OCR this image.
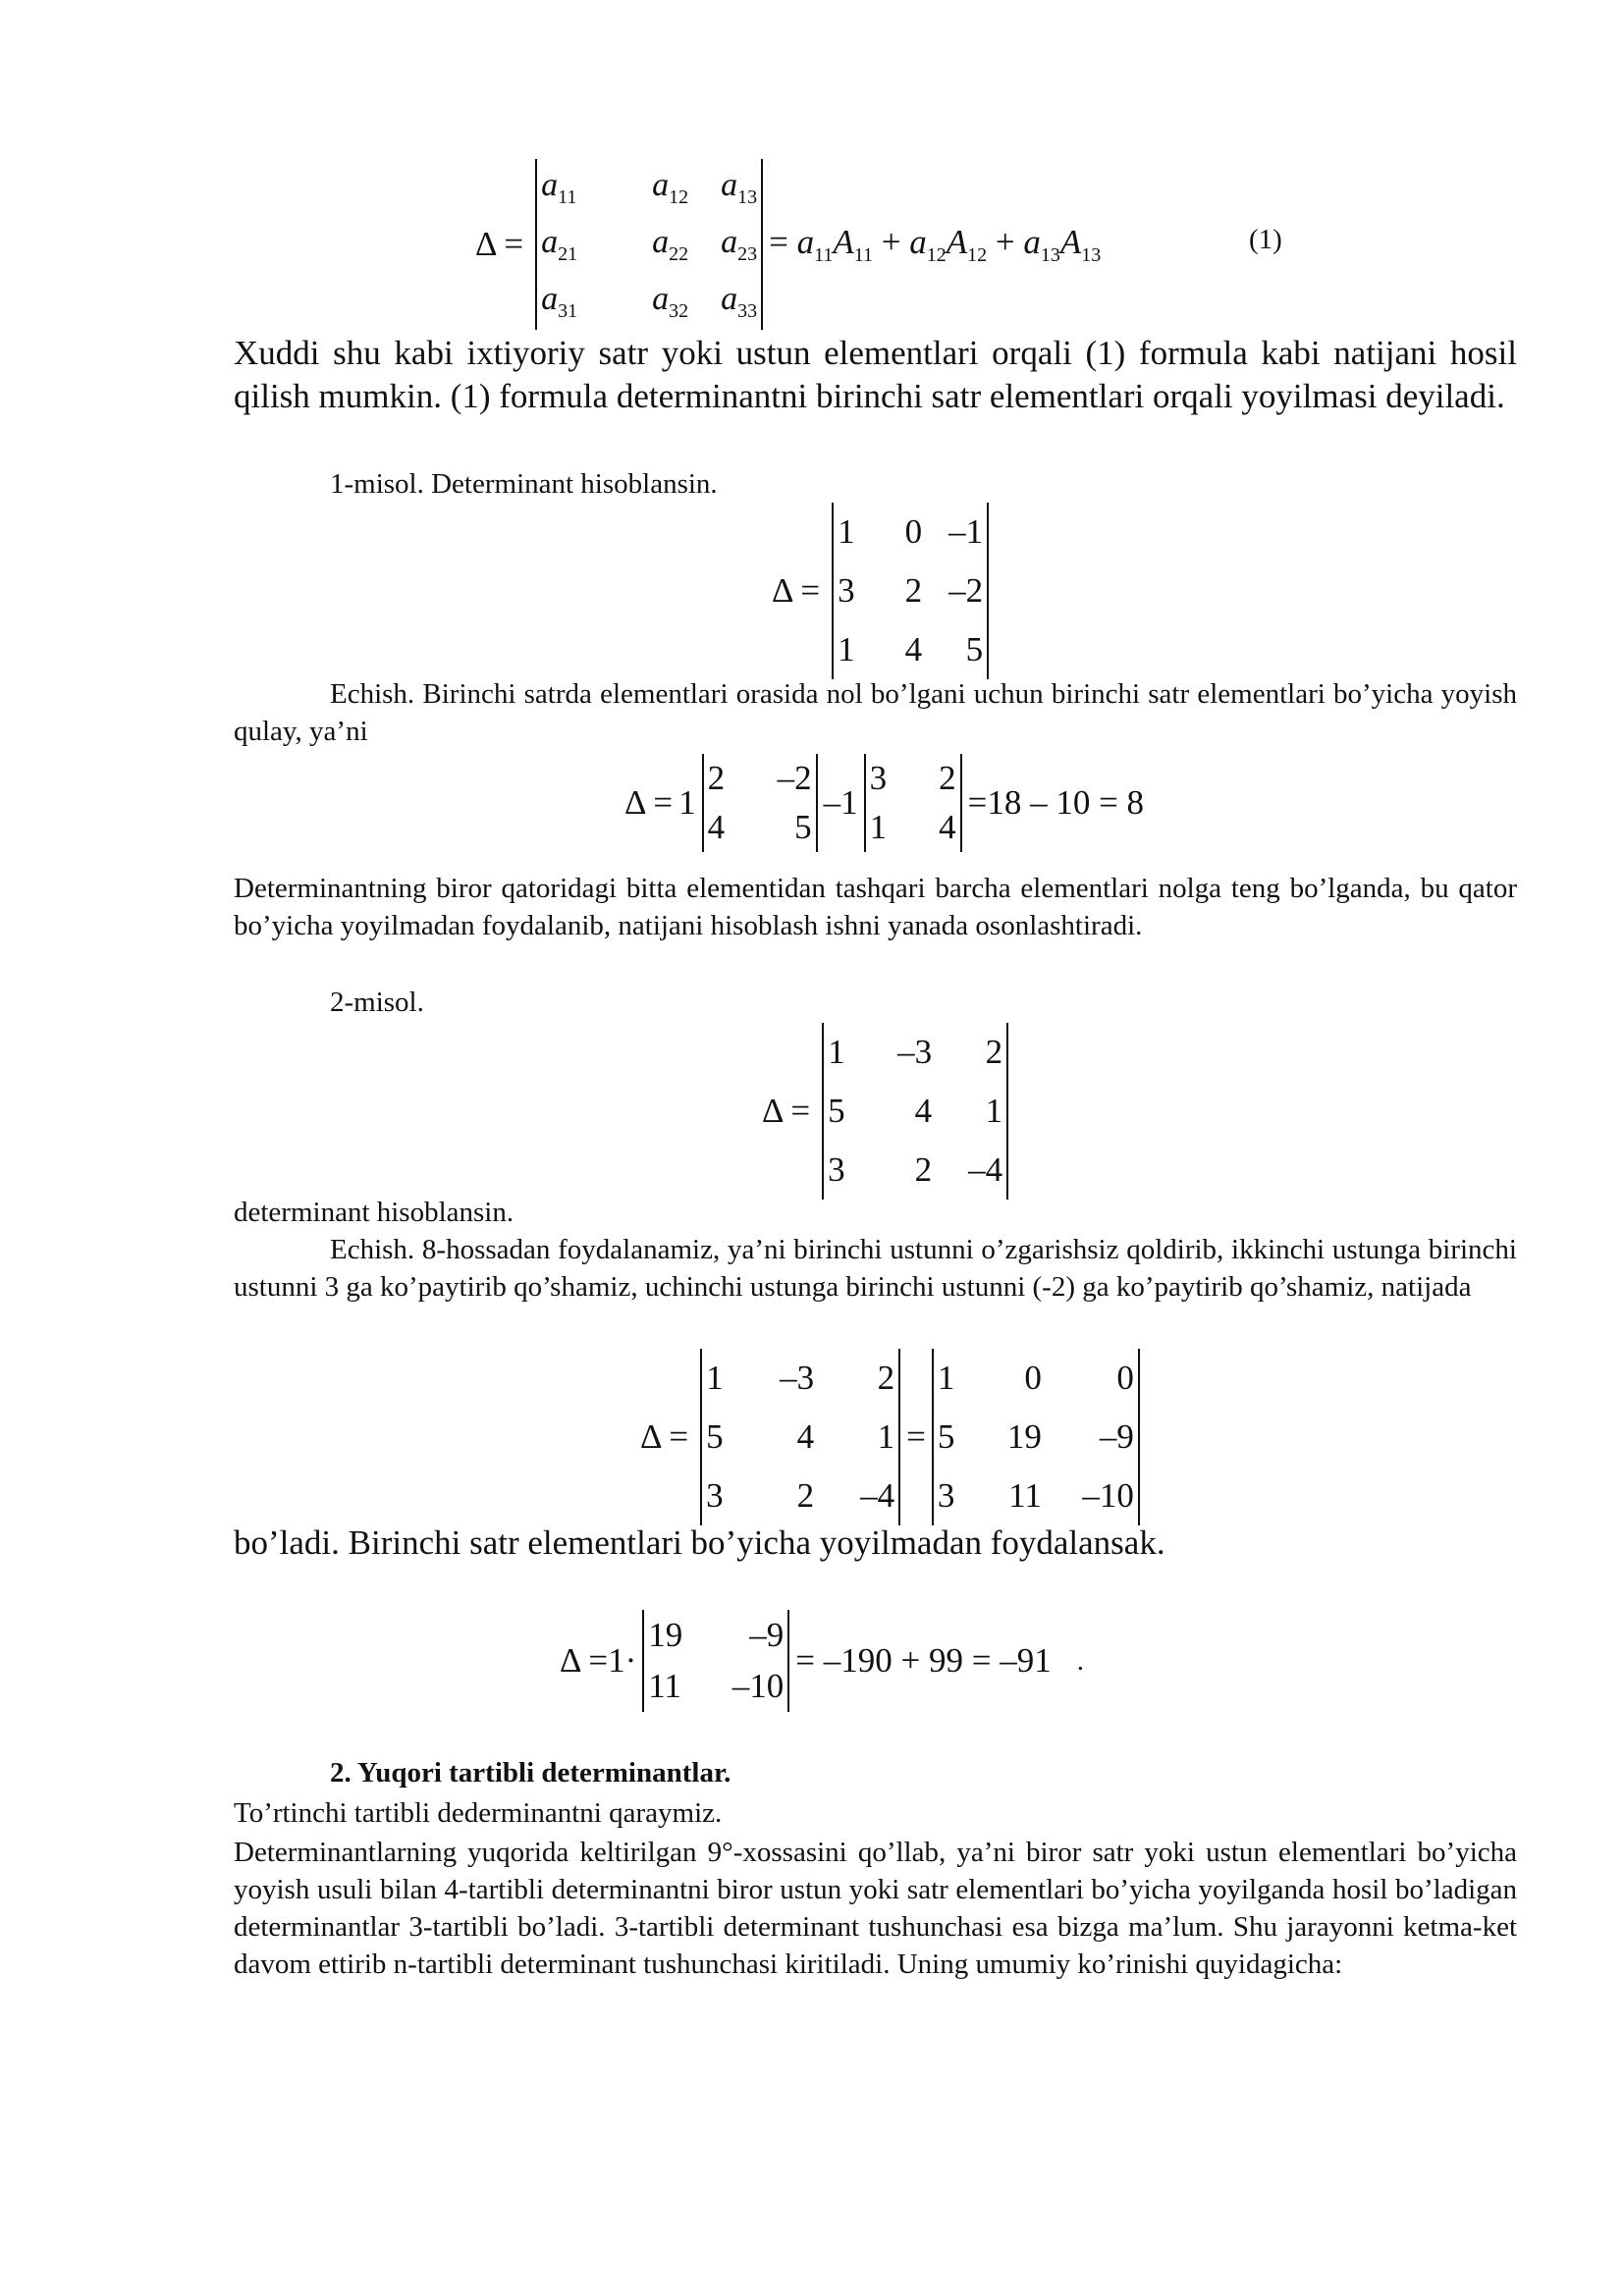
Δ =
$a_{11}$	$a_{12}$ $a_{13}$
$a_{21}$	$a_{22}$ $a_{23}$
$a_{31}$	$a_{32}$ $a_{33}$
= $a_{11}A_{11} + a_{12}A_{12} + a_{13}A_{13}$	(1)
Xuddi shu kabi ixtiyoriy satr yoki ustun elementlari orqali (1) formula kabi natijani hosil qilish mumkin. (1) formula determinantni birinchi satr elementlari orqali yoyilmasi deyiladi.
1-misol. Determinant hisoblansin.
Δ =
1	0 –1
3	2 –2
1	4	5
Echish. Birinchi satrda elementlari orasida nol bo’lgani uchun birinchi satr elementlari bo’yicha yoyish qulay, ya’ni
Δ = 1
2	–2
4	5
–1
3	2
1	4
=18 – 10 = 8
Determinantning biror qatoridagi bitta elementidan tashqari barcha elementlari nolga teng bo’lganda, bu qator bo’yicha yoyilmadan foydalanib, natijani hisoblash ishni yanada osonlashtiradi.
2-misol.
Δ =
1	–3	2
5	4	1
3	2	–4
determinant hisoblansin.
Echish. 8-hossadan foydalanamiz, ya’ni birinchi ustunni o’zgarishsiz qoldirib, ikkinchi ustunga birinchi ustunni 3 ga ko’paytirib qo’shamiz, uchinchi ustunga birinchi ustunni (-2) ga ko’paytirib qo’shamiz, natijada
Δ =
1	–3	2
5	4	1
3	2	–4
=
1	0	0
5	19	–9
3	11	–10
bo’ladi. Birinchi satr elementlari bo’yicha yoyilmadan foydalansak.
Δ =1·
19	–9
11	–10
= –190 + 99 = –91 .
2. Yuqori tartibli determinantlar.
To’rtinchi tartibli dederminantni qaraymiz.
Determinantlarning yuqorida keltirilgan 9°-xossasini qo’llab, ya’ni biror satr yoki ustun elementlari bo’yicha yoyish usuli bilan 4-tartibli determinantni biror ustun yoki satr elementlari bo’yicha yoyilganda hosil bo’ladigan determinantlar 3-tartibli bo’ladi. 3-tartibli determinant tushunchasi esa bizga ma’lum. Shu jarayonni ketma-ket davom ettirib n-tartibli determinant tushunchasi kiritiladi. Uning umumiy ko’rinishi quyidagicha:
